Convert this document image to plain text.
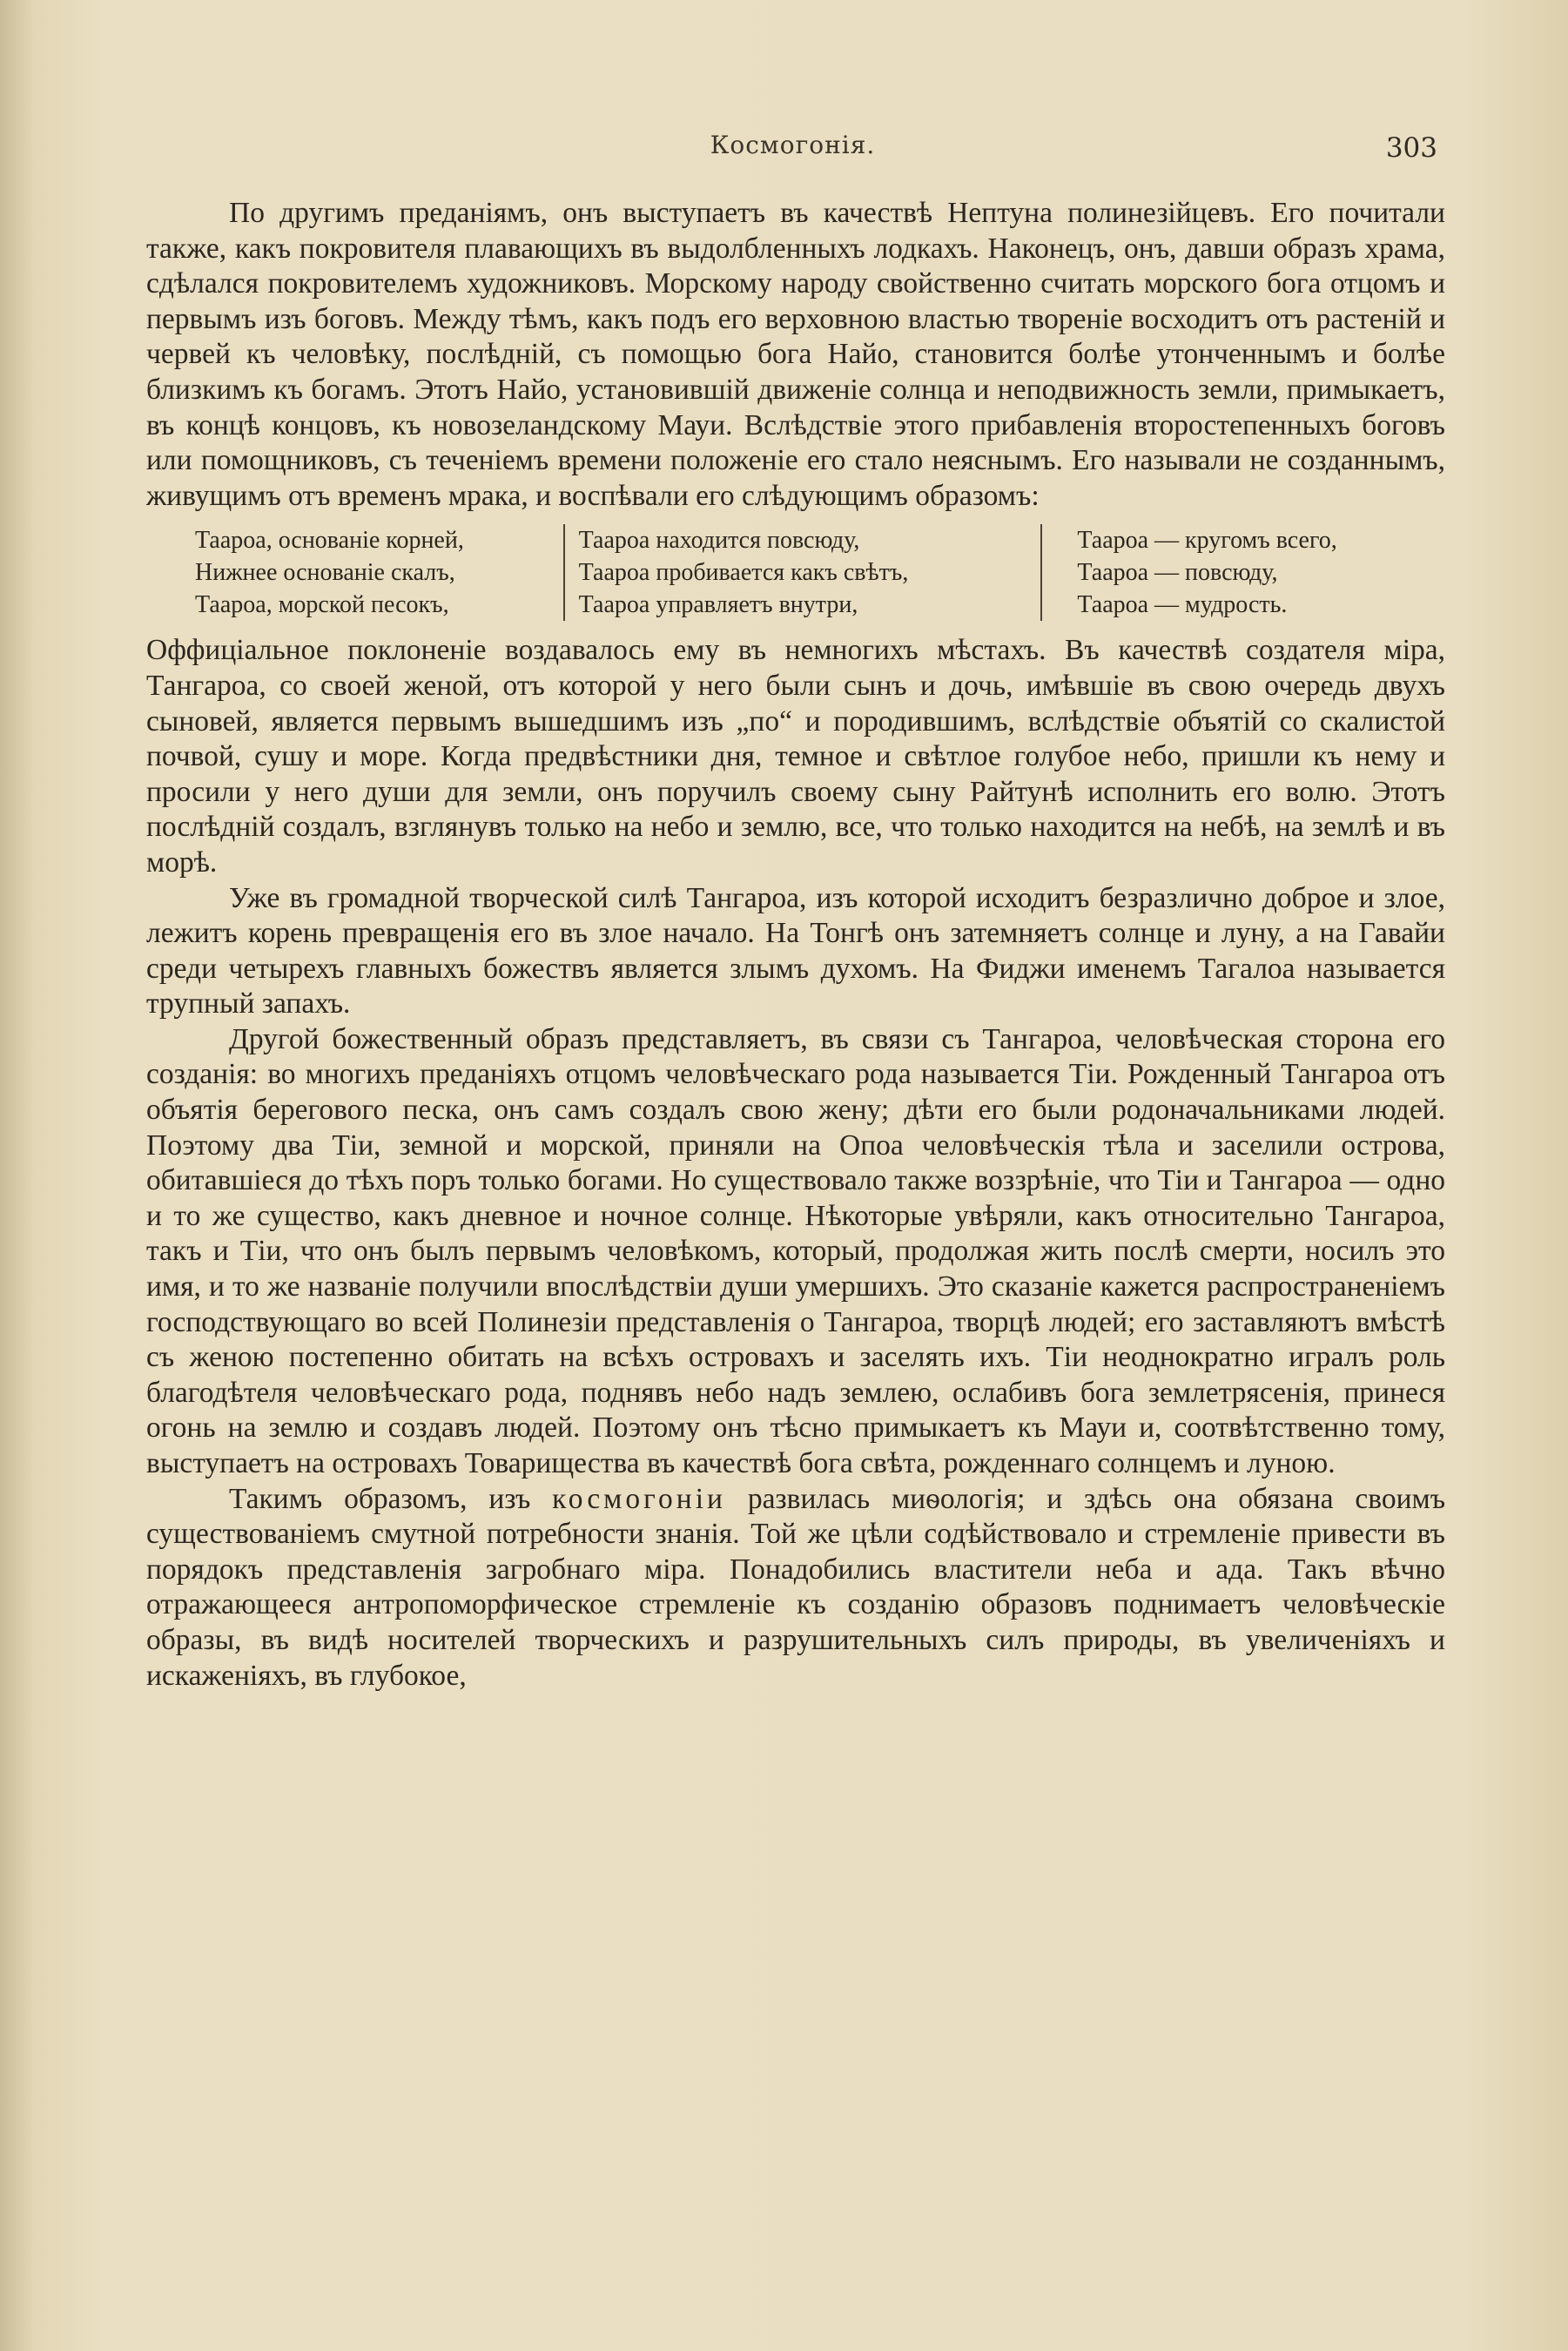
Космогонія.	303

По другимъ преданіямъ, онъ выступаетъ въ качествѣ Нептуна полинезійцевъ. Его почитали также, какъ покровителя плавающихъ въ выдолбленныхъ лодкахъ. Наконецъ, онъ, давши образъ храма, сдѣлался покровителемъ художниковъ. Морскому народу свойственно считать морского бога отцомъ и первымъ изъ боговъ. Между тѣмъ, какъ подъ его верховною властью твореніе восходитъ отъ растеній и червей къ человѣку, послѣдній, съ помощью бога Найо, становится болѣе утонченнымъ и болѣе близкимъ къ богамъ. Этотъ Найо, установившій движеніе солнца и неподвижность земли, примыкаетъ, въ концѣ концовъ, къ новозеландскому Мауи. Вслѣдствіе этого прибавленія второстепенныхъ боговъ или помощниковъ, съ теченіемъ времени положеніе его стало неяснымъ. Его называли не созданнымъ, живущимъ отъ временъ мрака, и воспѣвали его слѣдующимъ образомъ:

Таароа, основаніе корней,
Нижнее основаніе скалъ,
Таароа, морской песокъ,
Таароа находится повсюду,
Таароа пробивается какъ свѣтъ,
Таароа управляетъ внутри,
Таароа — кругомъ всего,
Таароа — повсюду,
Таароа — мудрость.

Оффиціальное поклоненіе воздавалось ему въ немногихъ мѣстахъ. Въ качествѣ создателя міра, Тангароа, со своей женой, отъ которой у него были сынъ и дочь, имѣвшіе въ свою очередь двухъ сыновей, является первымъ вышедшимъ изъ „по“ и породившимъ, вслѣдствіе объятій со скалистой почвой, сушу и море. Когда предвѣстники дня, темное и свѣтлое голубое небо, пришли къ нему и просили у него души для земли, онъ поручилъ своему сыну Райтунѣ исполнить его волю. Этотъ послѣдній создалъ, взглянувъ только на небо и землю, все, что только находится на небѣ, на землѣ и въ морѣ.

Уже въ громадной творческой силѣ Тангароа, изъ которой исходитъ безразлично доброе и злое, лежитъ корень превращенія его въ злое начало. На Тонгѣ онъ затемняетъ солнце и луну, а на Гавайи среди четырехъ главныхъ божествъ является злымъ духомъ. На Фиджи именемъ Тагалоа называется трупный запахъ.

Другой божественный образъ представляетъ, въ связи съ Тангароа, человѣческая сторона его созданія: во многихъ преданіяхъ отцомъ человѣческаго рода называется Тіи. Рожденный Тангароа отъ объятія берегового песка, онъ самъ создалъ свою жену; дѣти его были родоначальниками людей. Поэтому два Тіи, земной и морской, приняли на Опоа человѣческія тѣла и заселили острова, обитавшіеся до тѣхъ поръ только богами. Но существовало также воззрѣніе, что Тіи и Тангароа — одно и то же существо, какъ дневное и ночное солнце. Нѣкоторые увѣряли, какъ относительно Тангароа, такъ и Тіи, что онъ былъ первымъ человѣкомъ, который, продолжая жить послѣ смерти, носилъ это имя, и то же названіе получили впослѣдствіи души умершихъ. Это сказаніе кажется распространеніемъ господствующаго во всей Полинезіи представленія о Тангароа, творцѣ людей; его заставляютъ вмѣстѣ съ женою постепенно обитать на всѣхъ островахъ и заселять ихъ. Тіи неоднократно игралъ роль благодѣтеля человѣческаго рода, поднявъ небо надъ землею, ослабивъ бога землетрясенія, принеся огонь на землю и создавъ людей. Поэтому онъ тѣсно примыкаетъ къ Мауи и, соотвѣтственно тому, выступаетъ на островахъ Товарищества въ качествѣ бога свѣта, рожденнаго солнцемъ и луною.

Такимъ образомъ, изъ космогоніи развилась миѳологія; и здѣсь она обязана своимъ существованіемъ смутной потребности знанія. Той же цѣли содѣйствовало и стремленіе привести въ порядокъ представленія загробнаго міра. Понадобились властители неба и ада. Такъ вѣчно отражающееся антропоморфическое стремленіе къ созданію образовъ поднимаетъ человѣческіе образы, въ видѣ носителей творческихъ и разрушительныхъ силъ природы, въ увеличеніяхъ и искаженіяхъ, въ глубокое,
